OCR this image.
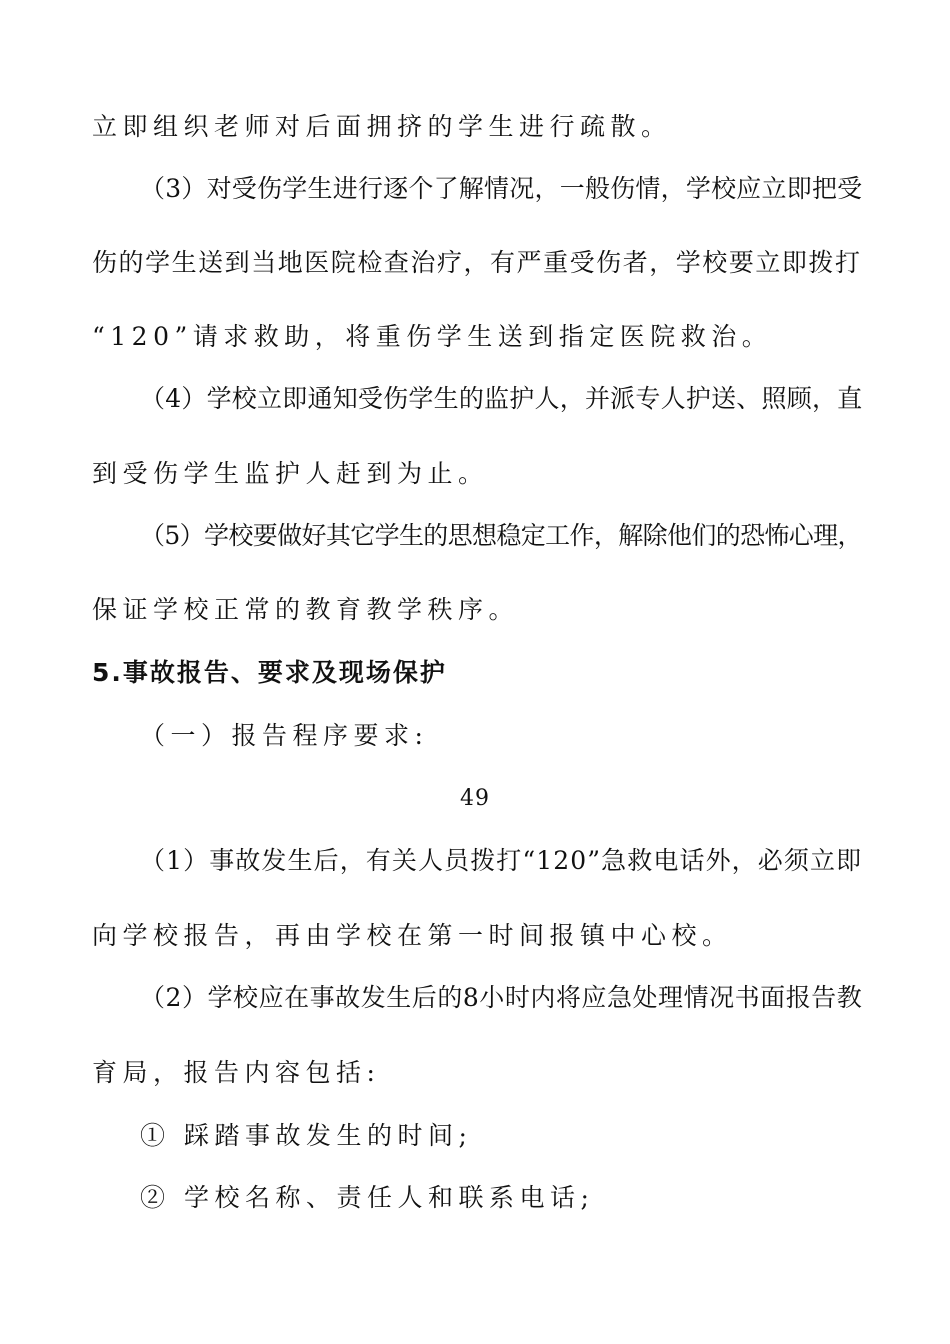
立即组织老师对后面拥挤的学生进行疏散。
（3）对受伤学生进行逐个了解情况，一般伤情，学校应立即把受
伤的学生送到当地医院检查治疗，有严重受伤者，学校要立即拨打
“120”请求救助，将重伤学生送到指定医院救治。
（4）学校立即通知受伤学生的监护人，并派专人护送、照顾，直
到受伤学生监护人赶到为止。
（5）学校要做好其它学生的思想稳定工作，解除他们的恐怖心理，
保证学校正常的教育教学秩序。
5.事故报告、要求及现场保护
（一）报告程序要求:
49
（1）事故发生后，有关人员拨打“120”急救电话外，必须立即
向学校报告，再由学校在第一时间报镇中心校。
（2）学校应在事故发生后的8小时内将应急处理情况书面报告教
育局，报告内容包括:
① 踩踏事故发生的时间;
② 学校名称、责任人和联系电话;
